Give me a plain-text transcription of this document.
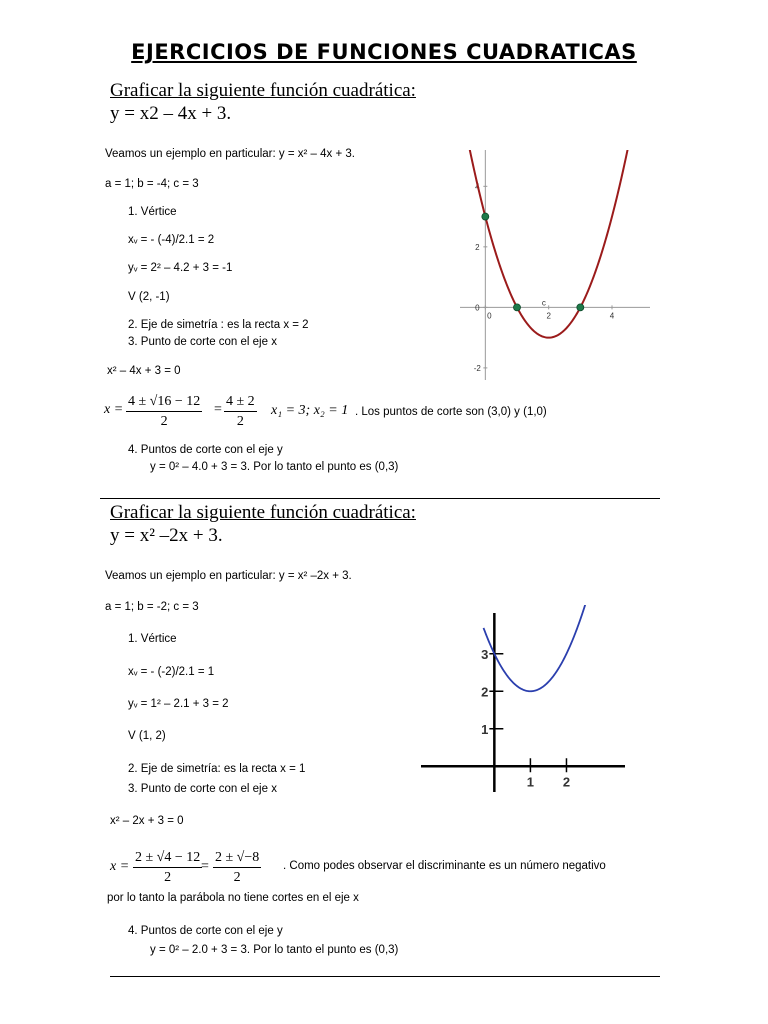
EJERCICIOS DE FUNCIONES CUADRATICAS
Graficar la siguiente función cuadrática:
y = x2 – 4x + 3.
Veamos un ejemplo en particular: y = x² – 4x + 3.
a = 1; b = -4; c = 3
1. Vértice
xᵥ = - (-4)/2.1 = 2
yᵥ = 2² – 4.2 + 3 = -1
V (2, -1)
2. Eje de simetría : es la recta x = 2
3. Punto de corte con el eje x
x² – 4x + 3 = 0
$x = \frac{4 \pm √16 - 12}{2} = \frac{4 \pm 2}{2} x_1 = 3$; x₂ = 1 . Los puntos de corte son (3,0) y (1,0)
4. Puntos de corte con el eje y
y = 0² – 4.0 + 3 = 3. Por lo tanto el punto es (0,3)
0	2	4
-2
2
4
0
c
Graficar la siguiente función cuadrática:
y = x² –2x + 3.
Veamos un ejemplo en particular: y = x² –2x + 3.
a = 1; b = -2; c = 3
1. Vértice
xᵥ = - (-2)/2.1 = 1
yᵥ = 1² – 2.1 + 3 = 2
V (1, 2)
2. Eje de simetría: es la recta x = 1
3. Punto de corte con el eje x
x² – 2x + 3 = 0
$x = \frac{2 \pm √4 - 12}{2}$
= $\frac{2 \pm √-8}{2}$ . Como podes observar el discriminante es un número negativo
por lo tanto la parábola no tiene cortes en el eje x
4. Puntos de corte con el eje y
y = 0² – 2.0 + 3 = 3. Por lo tanto el punto es (0,3)
1 2
1
2
3
